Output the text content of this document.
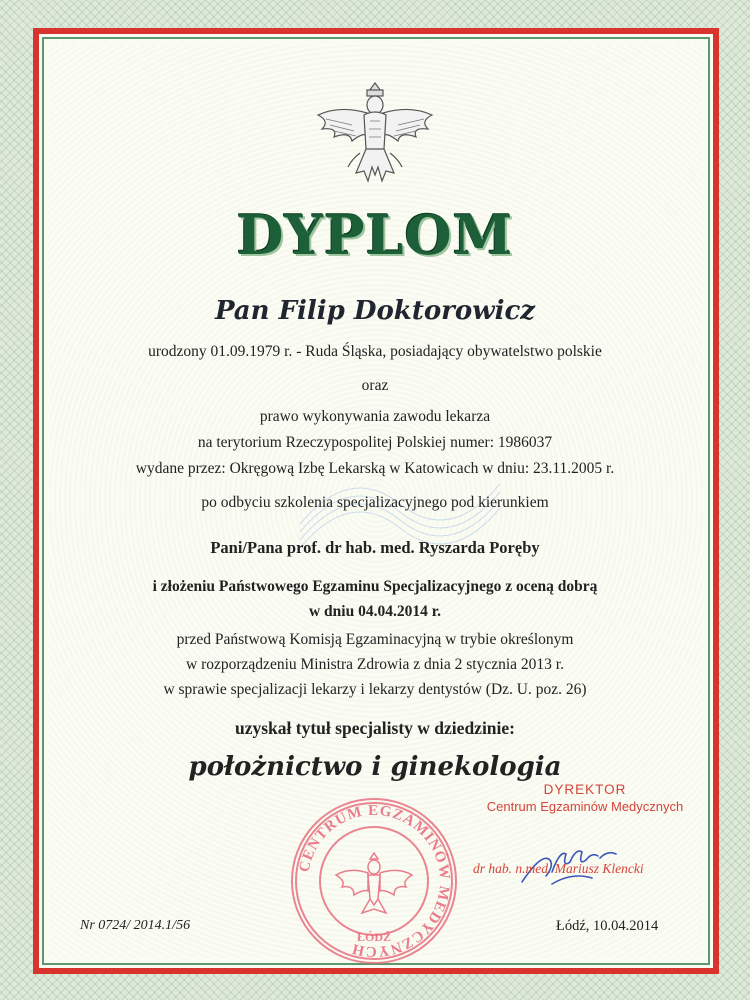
DYPLOM
Pan Filip Doktorowicz
urodzony 01.09.1979 r. - Ruda Śląska, posiadający obywatelstwo polskie
oraz
prawo wykonywania zawodu lekarza
na terytorium Rzeczypospolitej Polskiej numer: 1986037
wydane przez: Okręgową Izbę Lekarską w Katowicach w dniu: 23.11.2005 r.
po odbyciu szkolenia specjalizacyjnego pod kierunkiem
Pani/Pana prof. dr hab. med. Ryszarda Poręby
i złożeniu Państwowego Egzaminu Specjalizacyjnego z oceną dobrą
w dniu 04.04.2014 r.
przed Państwową Komisją Egzaminacyjną w trybie określonym
w rozporządzeniu Ministra Zdrowia z dnia 2 stycznia 2013 r.
w sprawie specjalizacji lekarzy i lekarzy dentystów (Dz. U. poz. 26)
uzyskał tytuł specjalisty w dziedzinie:
położnictwo i ginekologia
CENTRUM EGZAMINÓW MEDYCZNYCH
ŁÓDŹ
DYREKTOR
Centrum Egzaminów Medycznych
dr hab. n.med. Mariusz Klencki
Nr 0724/ 2014.1/56	Łódź, 10.04.2014
